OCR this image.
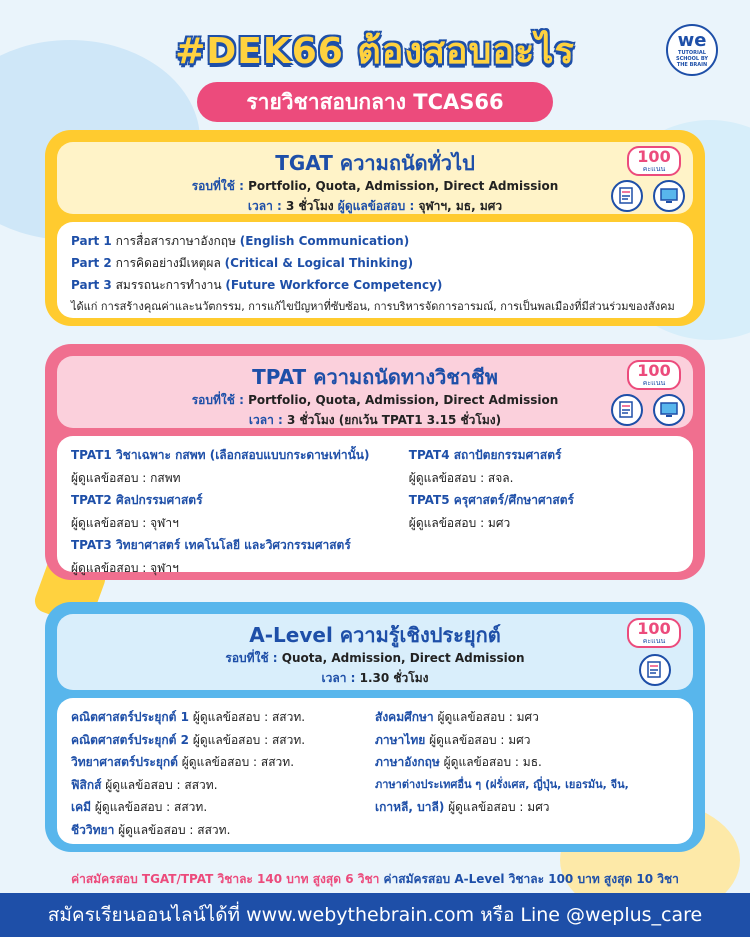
#DEK66 ต้องสอบอะไร	we
TUTORIAL SCHOOL BY
THE BRAIN
รายวิชาสอบกลาง TCAS66
TGAT ความถนัดทั่วไป
รอบที่ใช้ : Portfolio, Quota, Admission, Direct Admission
เวลา : 3 ชั่วโมง ผู้ดูแลข้อสอบ : จุฬาฯ, มธ, มศว
100
คะแนน
Part 1 การสื่อสารภาษาอังกฤษ (English Communication)
Part 2 การคิดอย่างมีเหตุผล (Critical & Logical Thinking)
Part 3 สมรรถนะการทำงาน (Future Workforce Competency)
ได้แก่ การสร้างคุณค่าและนวัตกรรม, การแก้ไขปัญหาที่ซับซ้อน, การบริหารจัดการอารมณ์, การเป็นพลเมืองที่มีส่วนร่วมของสังคม
TPAT ความถนัดทางวิชาชีพ
รอบที่ใช้ : Portfolio, Quota, Admission, Direct Admission
เวลา : 3 ชั่วโมง (ยกเว้น TPAT1 3.15 ชั่วโมง)
100
คะแนน
TPAT1 วิชาเฉพาะ กสพท (เลือกสอบแบบกระดาษเท่านั้น)
ผู้ดูแลข้อสอบ : กสพท
TPAT2 ศิลปกรรมศาสตร์
ผู้ดูแลข้อสอบ : จุฬาฯ
TPAT3 วิทยาศาสตร์ เทคโนโลยี และวิศวกรรมศาสตร์
ผู้ดูแลข้อสอบ : จุฬาฯ
TPAT4 สถาปัตยกรรมศาสตร์
ผู้ดูแลข้อสอบ : สจล.
TPAT5 ครุศาสตร์/ศึกษาศาสตร์
ผู้ดูแลข้อสอบ : มศว
A-Level ความรู้เชิงประยุกต์
รอบที่ใช้ : Quota, Admission, Direct Admission
เวลา : 1.30 ชั่วโมง
100
คะแนน
คณิตศาสตร์ประยุกต์ 1 ผู้ดูแลข้อสอบ : สสวท.
คณิตศาสตร์ประยุกต์ 2 ผู้ดูแลข้อสอบ : สสวท.
วิทยาศาสตร์ประยุกต์ ผู้ดูแลข้อสอบ : สสวท.
ฟิสิกส์ ผู้ดูแลข้อสอบ : สสวท.
เคมี ผู้ดูแลข้อสอบ : สสวท.
ชีววิทยา ผู้ดูแลข้อสอบ : สสวท.
สังคมศึกษา ผู้ดูแลข้อสอบ : มศว
ภาษาไทย ผู้ดูแลข้อสอบ : มศว
ภาษาอังกฤษ ผู้ดูแลข้อสอบ : มธ.
ภาษาต่างประเทศอื่น ๆ (ฝรั่งเศส, ญี่ปุ่น, เยอรมัน, จีน,
เกาหลี, บาลี) ผู้ดูแลข้อสอบ : มศว
ค่าสมัครสอบ TGAT/TPAT วิชาละ 140 บาท สูงสุด 6 วิชา ค่าสมัครสอบ A-Level วิชาละ 100 บาท สูงสุด 10 วิชา
สมัครเรียนออนไลน์ได้ที่ www.webythebrain.com หรือ Line @weplus_care
